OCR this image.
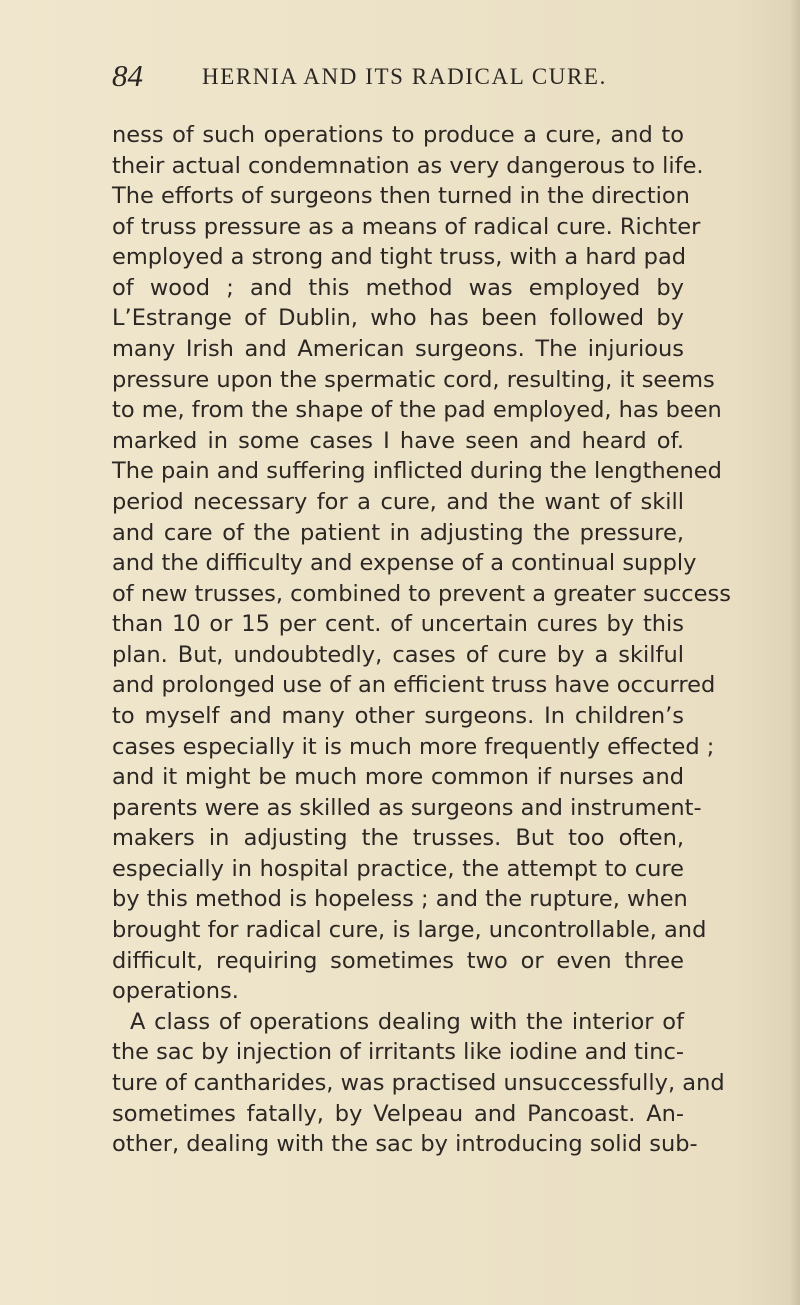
84	HERNIA AND ITS RADICAL CURE.
ness of such operations to produce a cure, and to
their actual condemnation as very dangerous to life.
The efforts of surgeons then turned in the direction
of truss pressure as a means of radical cure. Richter
employed a strong and tight truss, with a hard pad
of wood ; and this method was employed by
L’Estrange of Dublin, who has been followed by
many Irish and American surgeons. The injurious
pressure upon the spermatic cord, resulting, it seems
to me, from the shape of the pad employed, has been
marked in some cases I have seen and heard of.
The pain and suffering inflicted during the lengthened
period necessary for a cure, and the want of skill
and care of the patient in adjusting the pressure,
and the difficulty and expense of a continual supply
of new trusses, combined to prevent a greater success
than 10 or 15 per cent. of uncertain cures by this
plan. But, undoubtedly, cases of cure by a skilful
and prolonged use of an efficient truss have occurred
to myself and many other surgeons. In children’s
cases especially it is much more frequently effected ;
and it might be much more common if nurses and
parents were as skilled as surgeons and instrument-
makers in adjusting the trusses. But too often,
especially in hospital practice, the attempt to cure
by this method is hopeless ; and the rupture, when
brought for radical cure, is large, uncontrollable, and
difficult, requiring sometimes two or even three
operations.
A class of operations dealing with the interior of
the sac by injection of irritants like iodine and tinc-
ture of cantharides, was practised unsuccessfully, and
sometimes fatally, by Velpeau and Pancoast. An-
other, dealing with the sac by introducing solid sub-
